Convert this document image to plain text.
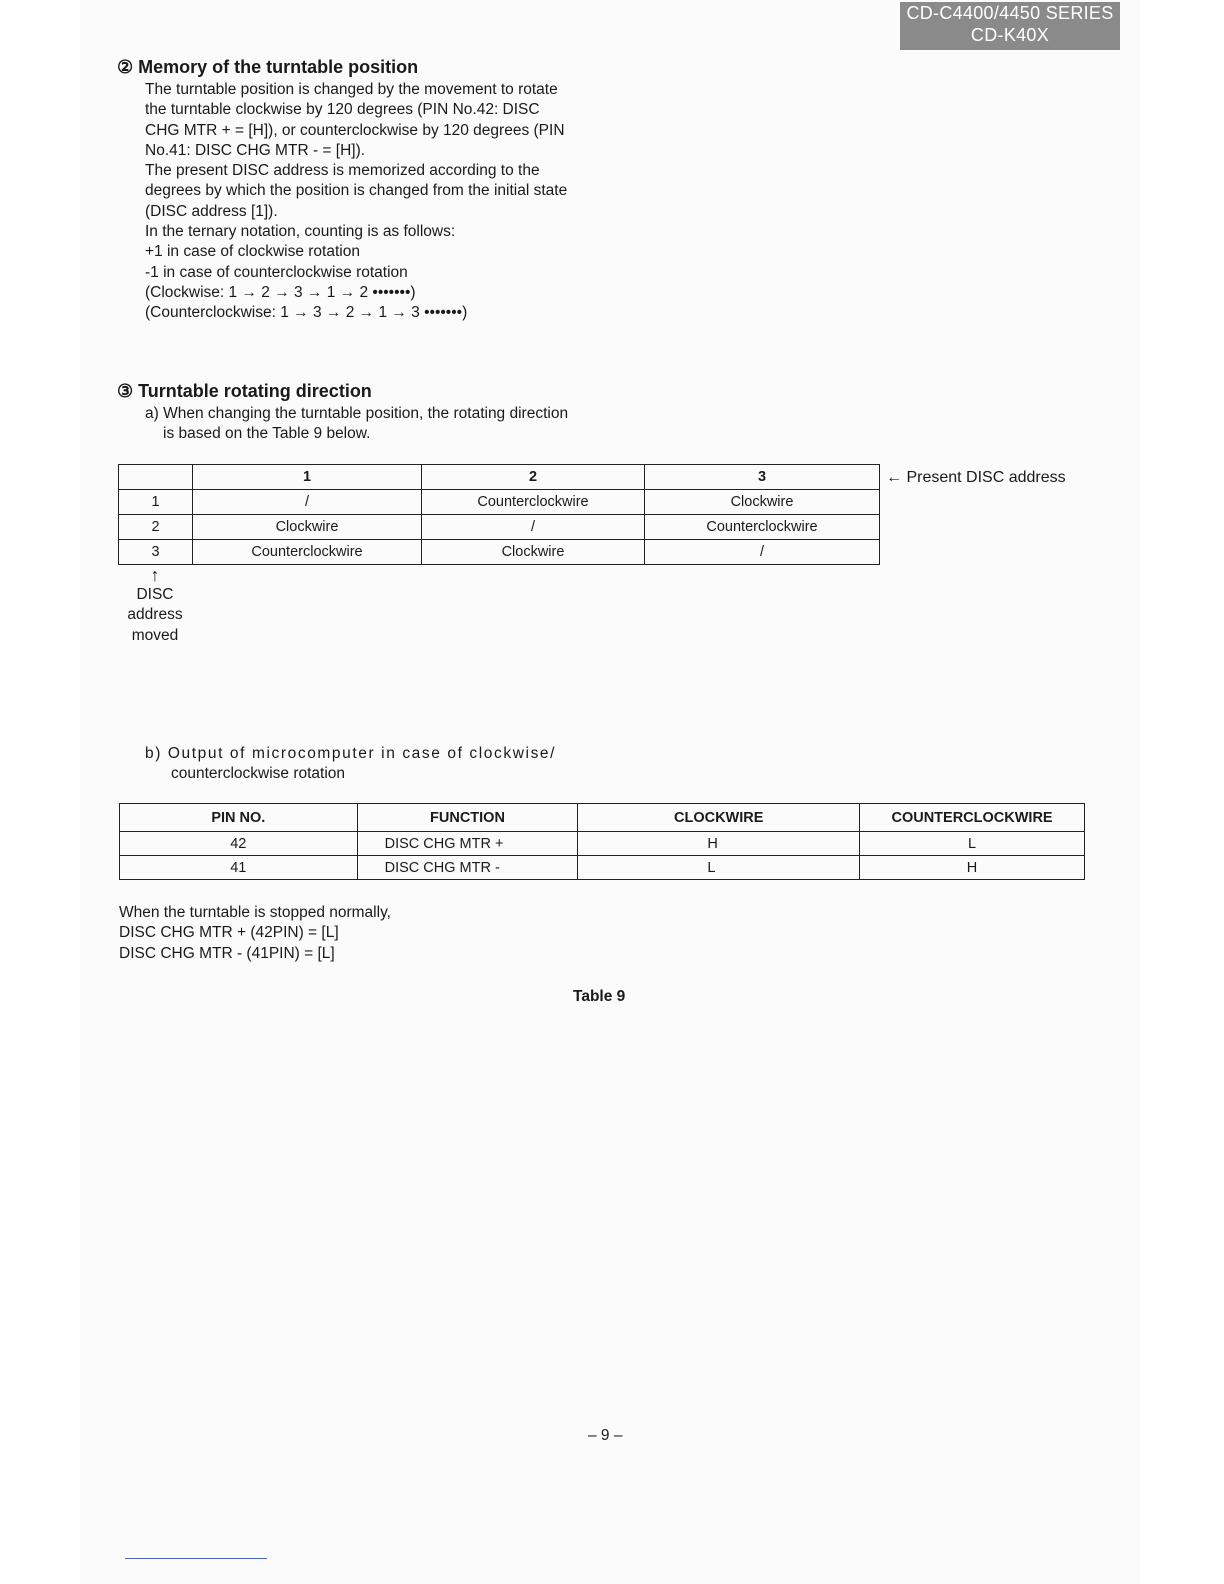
CD-C4400/4450 SERIES
CD-K40X
② Memory of the turntable position

The turntable position is changed by the movement to rotate

the turntable clockwise by 120 degrees (PIN No.42: DISC

CHG MTR + = [H]), or counterclockwise by 120 degrees (PIN

No.41: DISC CHG MTR - = [H]).

The present DISC address is memorized according to the

degrees by which the position is changed from the initial state

(DISC address [1]).

In the ternary notation, counting is as follows:

+1 in case of clockwise rotation

-1 in case of counterclockwise rotation

(Clockwise: 1 → 2 → 3 → 1 → 2 •••••••)

(Counterclockwise: 1 → 3 → 2 → 1 → 3 •••••••)

③ Turntable rotating direction

a) When changing the turntable position, the rotating direction

is based on the Table 9 below.

	1	2	3
1	/	Counterclockwire	Clockwire
2	Clockwire	/	Counterclockwire
3	Counterclockwire	Clockwire	/
← Present DISC address
↑
DISC
address
moved

b) Output of microcomputer in case of clockwise/

counterclockwise rotation

PIN NO.	FUNCTION	CLOCKWIRE	COUNTERCLOCKWIRE
42	DISC CHG MTR +	H	L
41	DISC CHG MTR -	L	H

When the turntable is stopped normally,

DISC CHG MTR + (42PIN) = [L]

DISC CHG MTR - (41PIN) = [L]

Table 9
– 9 –
